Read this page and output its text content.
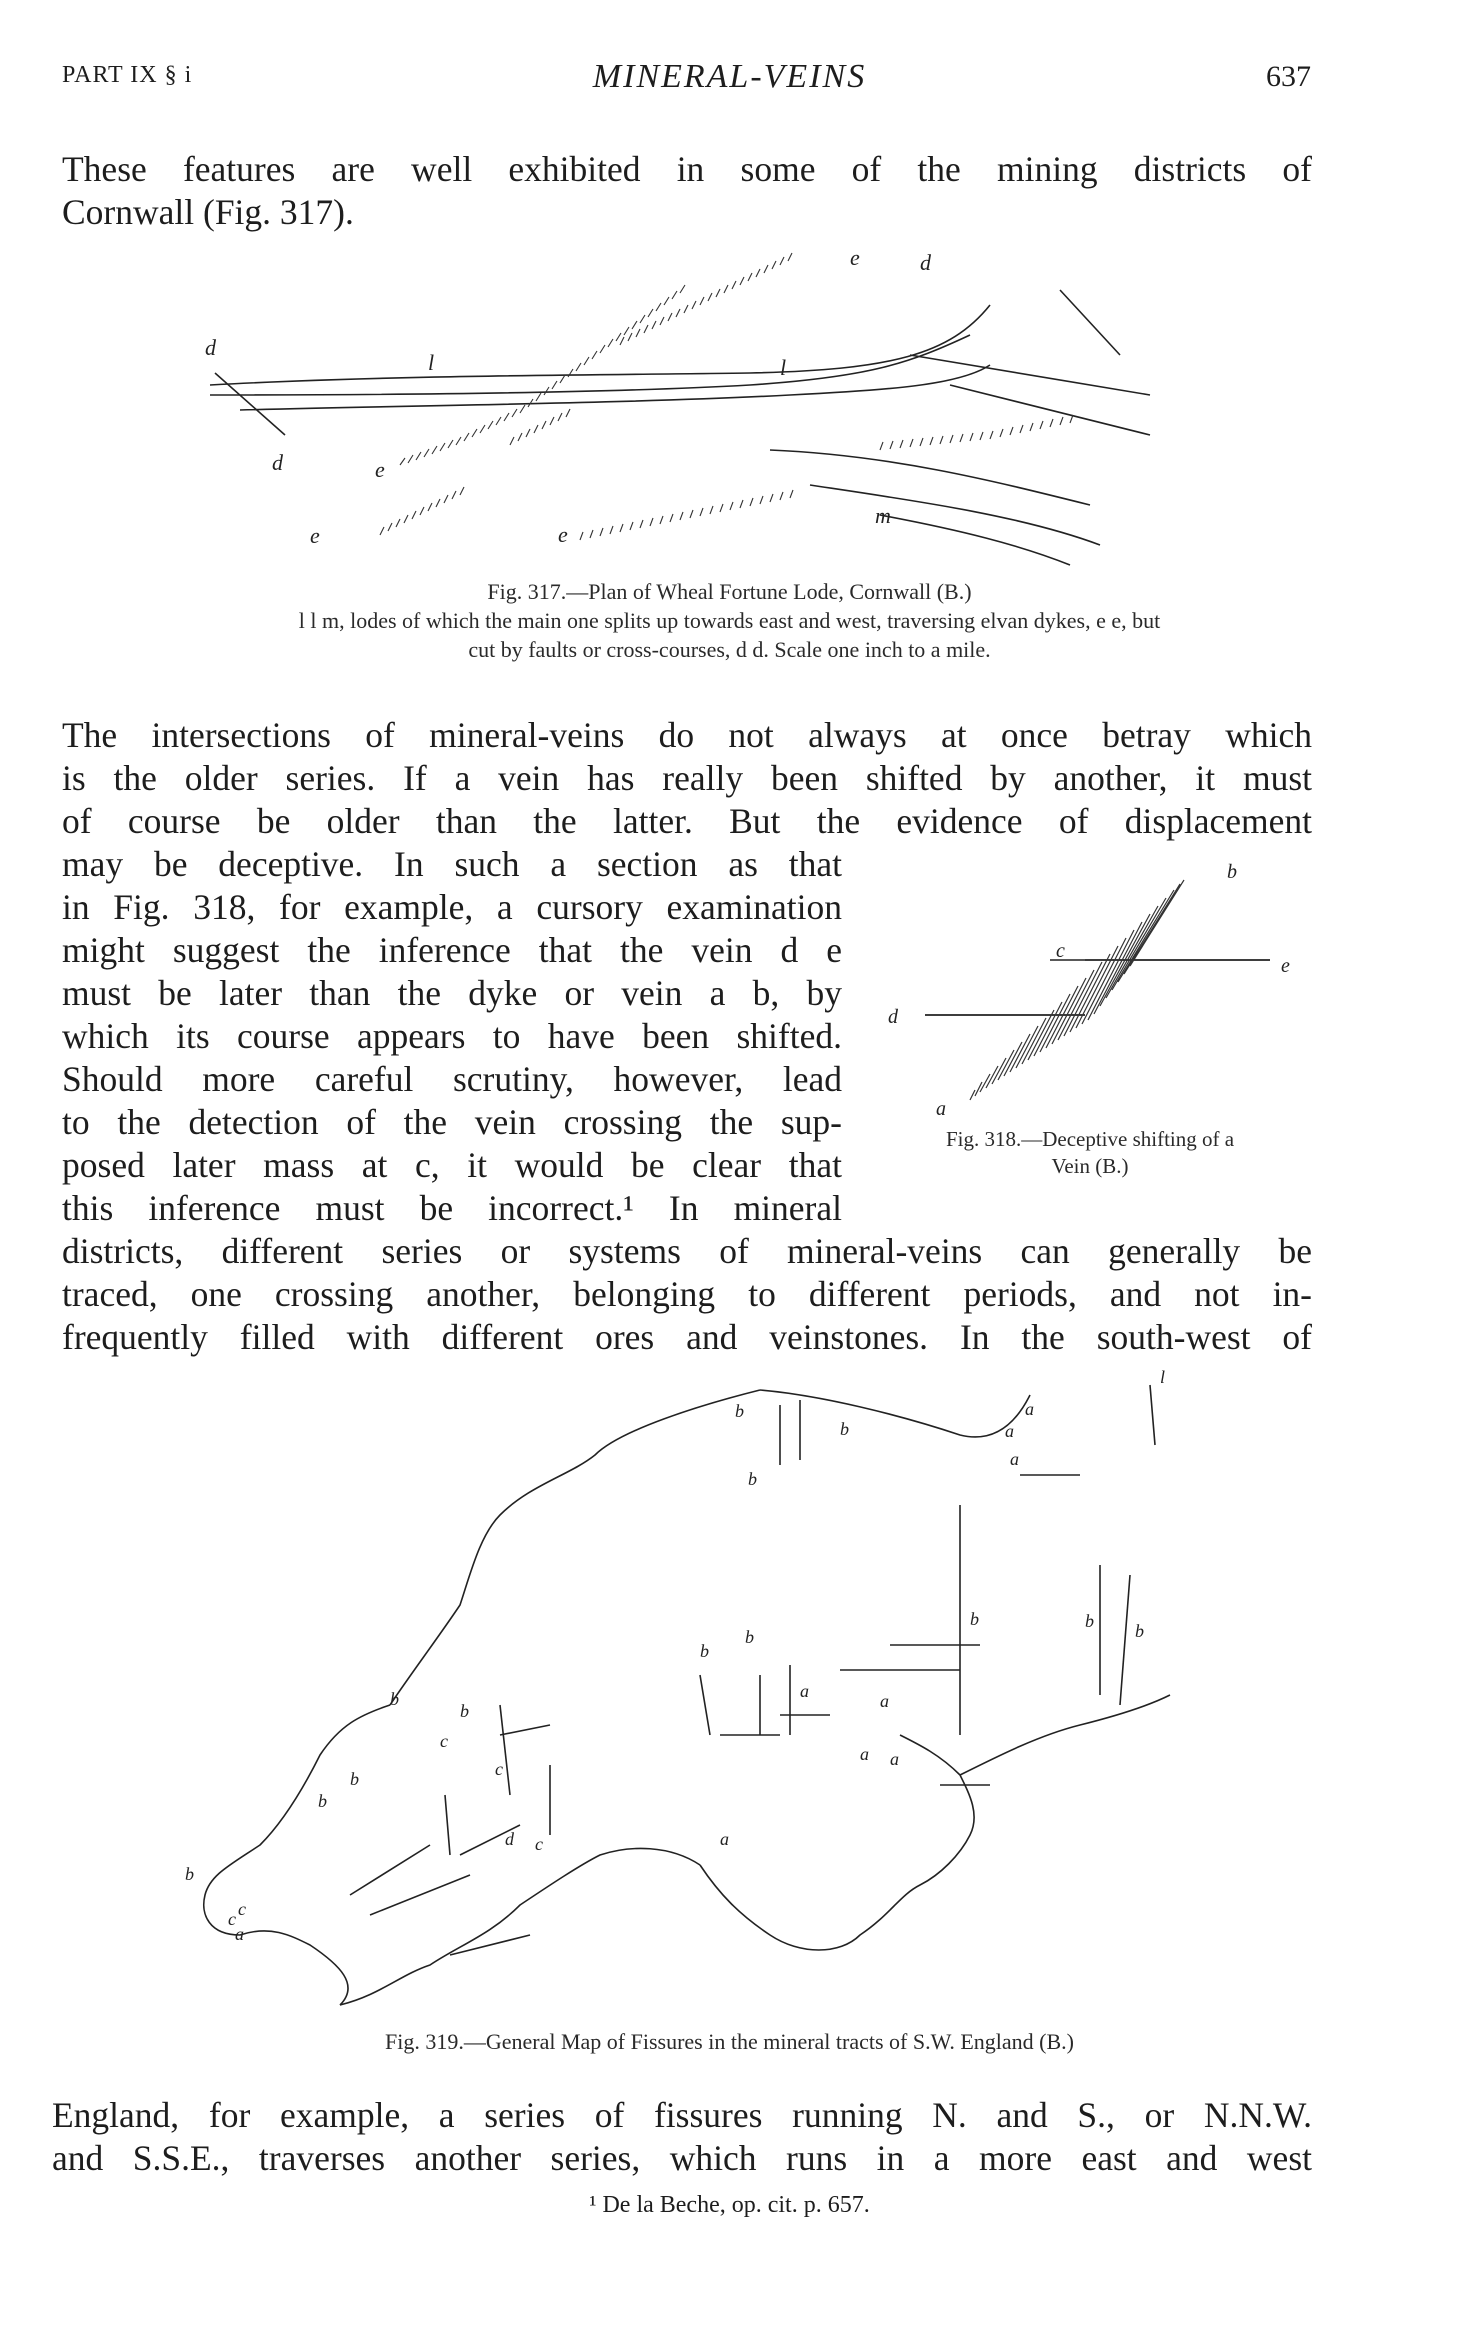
PART IX § i	MINERAL-VEINS	637
These features are well exhibited in some of the mining districts of
Cornwall (Fig. 317).
d
l
e
e
e
l
e
d
d
m
Fig. 317.—Plan of Wheal Fortune Lode, Cornwall (B.)
l l m, lodes of which the main one splits up towards east and west, traversing elvan dykes, e e, but
cut by faults or cross-courses, d d. Scale one inch to a mile.
The intersections of mineral-veins do not always at once betray which
is the older series. If a vein has really been shifted by another, it must
of course be older than the latter. But the evidence of displacement
may be deceptive. In such a section as that
in Fig. 318, for example, a cursory examination
might suggest the inference that the vein d e
must be later than the dyke or vein a b, by
which its course appears to have been shifted.
Should more careful scrutiny, however, lead
to the detection of the vein crossing the sup-
posed later mass at c, it would be clear that
this inference must be incorrect.¹ In mineral
b
c
e
d
a
Fig. 318.—Deceptive shifting of a
Vein (B.)
districts, different series or systems of mineral-veins can generally be
traced, one crossing another, belonging to different periods, and not in-
frequently filled with different ores and veinstones. In the south-west of
b
b
b
b
a
b b
a
a
b
b
a
c
b
b
a
c
a
b
b
c
d
b
c
c
a
a
a
l
Fig. 319.—General Map of Fissures in the mineral tracts of S.W. England (B.)
England, for example, a series of fissures running N. and S., or N.N.W.
and S.S.E., traverses another series, which runs in a more east and west
¹ De la Beche, op. cit. p. 657.
